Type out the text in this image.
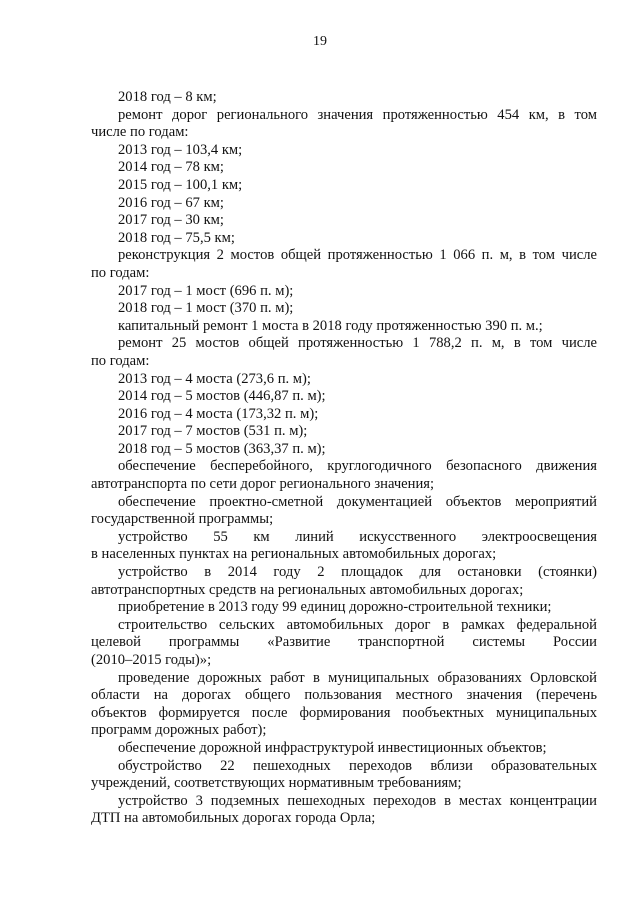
19

2018 год – 8 км;

ремонт дорог регионального значения протяженностью 454 км, в том
числе по годам:

2013 год – 103,4 км;

2014 год – 78 км;

2015 год – 100,1 км;

2016 год – 67 км;

2017 год – 30 км;

2018 год – 75,5 км;

реконструкция 2 мостов общей протяженностью 1 066 п. м, в том числе
по годам:

2017 год – 1 мост (696 п. м);

2018 год – 1 мост (370 п. м);

капитальный ремонт 1 моста в 2018 году протяженностью 390 п. м.;

ремонт 25 мостов общей протяженностью 1 788,2 п. м, в том числе
по годам:

2013 год – 4 моста (273,6 п. м);

2014 год – 5 мостов (446,87 п. м);

2016 год – 4 моста (173,32 п. м);

2017 год – 7 мостов (531 п. м);

2018 год – 5 мостов (363,37 п. м);

обеспечение бесперебойного, круглогодичного безопасного движения
автотранспорта по сети дорог регионального значения;
обеспечение проектно-сметной документацией объектов мероприятий
государственной программы;
устройство 55 км линий искусственного электроосвещения
в населенных пунктах на региональных автомобильных дорогах;
устройство в 2014 году 2 площадок для остановки (стоянки)
автотранспортных средств на региональных автомобильных дорогах;

приобретение в 2013 году 99 единиц дорожно-строительной техники;

строительство сельских автомобильных дорог в рамках федеральной
целевой программы «Развитие транспортной системы России
(2010–2015 годы)»;
проведение дорожных работ в муниципальных образованиях Орловской
области на дорогах общего пользования местного значения (перечень
объектов формируется после формирования пообъектных муниципальных
программ дорожных работ);

обеспечение дорожной инфраструктурой инвестиционных объектов;

обустройство 22 пешеходных переходов вблизи образовательных
учреждений, соответствующих нормативным требованиям;
устройство 3 подземных пешеходных переходов в местах концентрации
ДТП на автомобильных дорогах города Орла;
